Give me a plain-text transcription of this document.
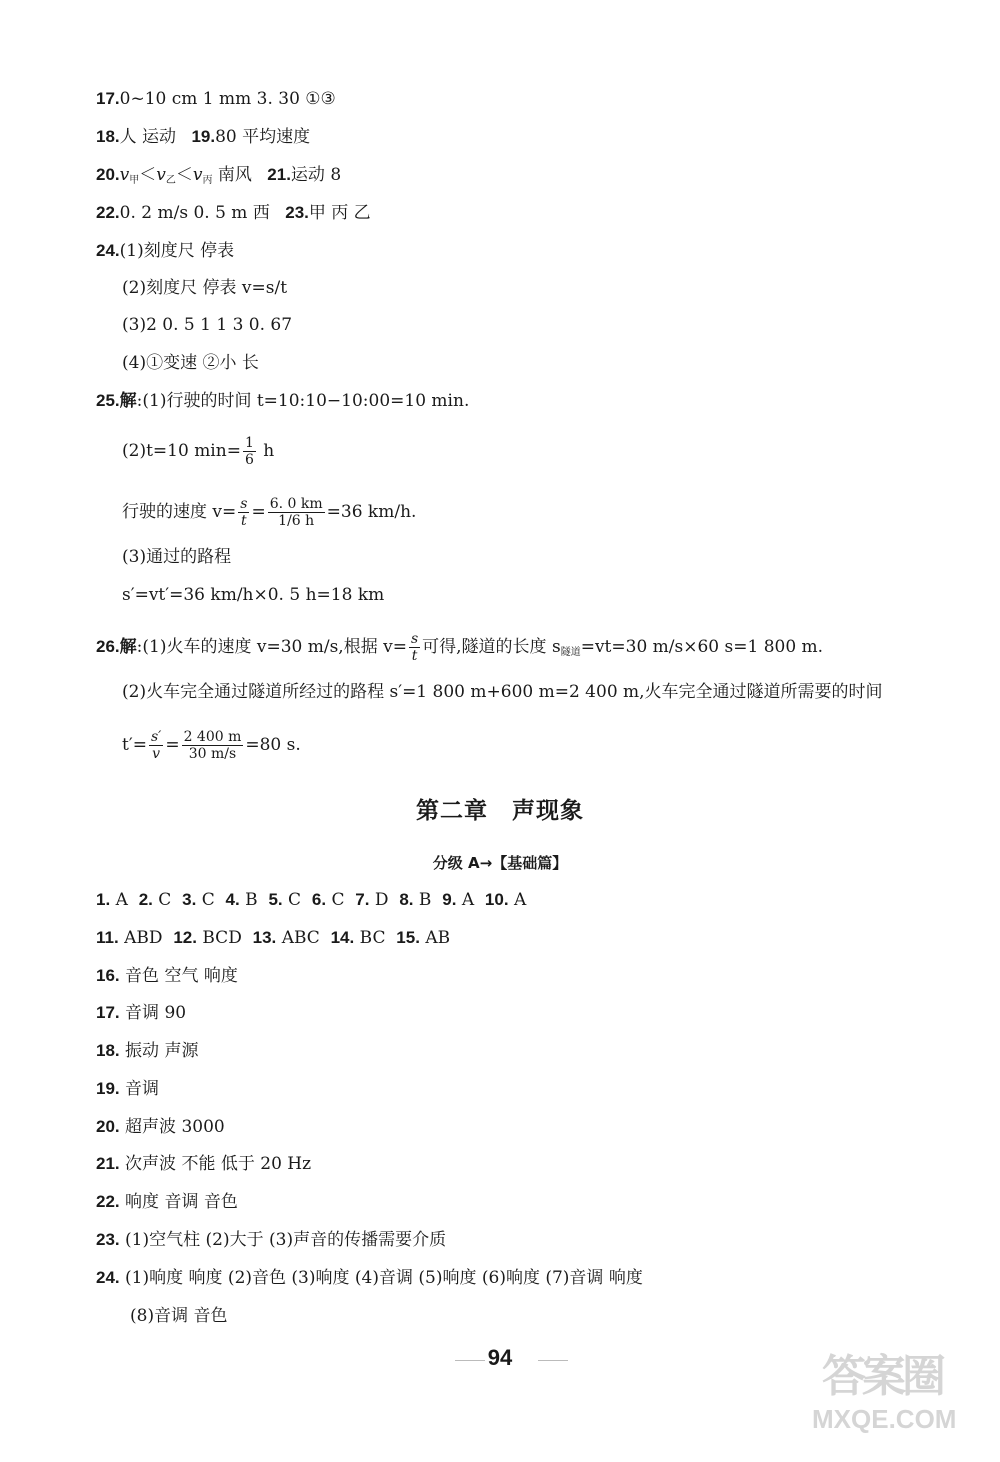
17.0~10 cm 1 mm 3. 30 ①③
18.人 运动 19.80 平均速度
$20.v_甲<v_乙<v_丙$ 南风 21.运动 8
22.0. 2 m/s 0. 5 m 西 23.甲 丙 乙
24.(1)刻度尺 停表
(2)刻度尺 停表 v=s/t
(3)2 0. 5 1 1 3 0. 67
(4)①变速 ②小 长
25.解:(1)行驶的时间 t=10:10−10:00=10 min.
(2)t=10 $\min= \frac{1}{6}$ h
行驶的速度 $v= \frac{s}{t} = \frac{6. 0 km}{1/6 h} =36$ km/h.
(3)通过的路程
s′=vt′=36 km/h×0. 5 h=18 km
26.解:(1)火车的速度 v=30 m/s,根据 $v= \frac{s}{t}$ 可得,隧道的长度 $s_{隧道}=vt=30$ m/s×60 s=1 800 m.
(2)火车完全通过隧道所经过的路程 s′=1 800 m+600 m=2 400 m,火车完全通过隧道所需要的时间
$t'= \frac{s'}{v} = \frac{2 400 m}{30 m/s} =80$ s.
第二章　声现象
分级 A→【基础篇】
1. A 2. C 3. C 4. B 5. C 6. C 7. D 8. B 9. A 10. A
11. ABD 12. BCD 13. ABC 14. BC 15. AB
16. 音色 空气 响度
17. 音调 90
18. 振动 声源
19. 音调
20. 超声波 3000
21. 次声波 不能 低于 20 Hz
22. 响度 音调 音色
23. (1)空气柱 (2)大于 (3)声音的传播需要介质
24. (1)响度 响度 (2)音色 (3)响度 (4)音调 (5)响度 (6)响度 (7)音调 响度
(8)音调 音色
94	答案圈
MXQE.COM
